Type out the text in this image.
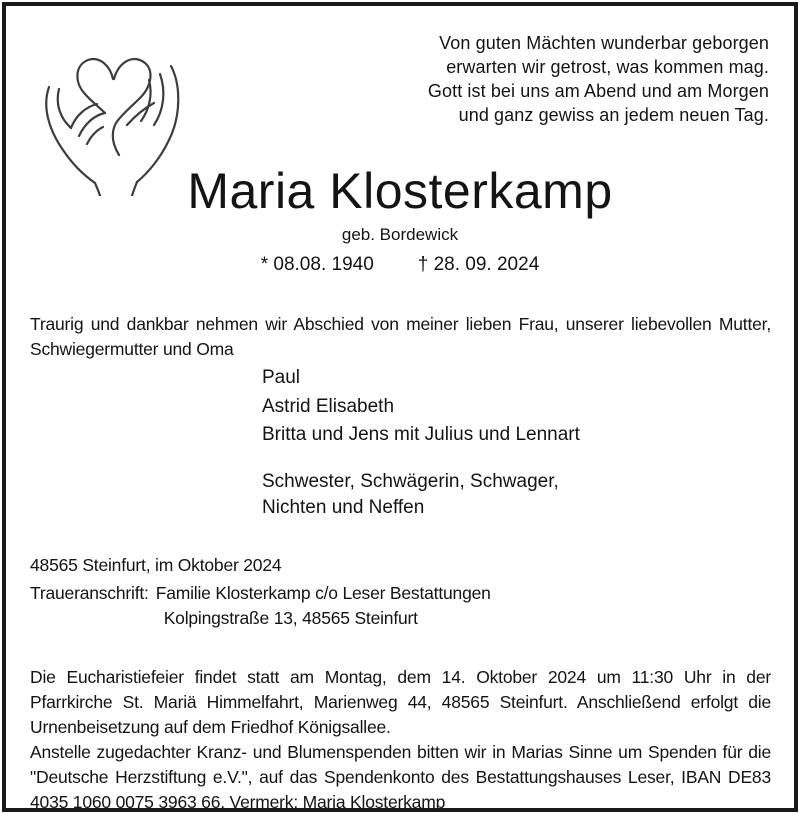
Von guten Mächten wunderbar geborgen
erwarten wir getrost, was kommen mag.
Gott ist bei uns am Abend und am Morgen
und ganz gewiss an jedem neuen Tag.
Maria Klosterkamp
geb. Bordewick
* 08.08. 1940 † 28. 09. 2024

Traurig und dankbar nehmen wir Abschied von meiner lieben Frau, unserer liebevollen Mutter, Schwiegermutter und Oma

Paul
Astrid Elisabeth
Britta und Jens mit Julius und Lennart
Schwester, Schwägerin, Schwager,
Nichten und Neffen
48565 Steinfurt, im Oktober 2024
Traueranschrift: Familie Klosterkamp c/o Leser Bestattungen
Kolpingstraße 13, 48565 Steinfurt

Die Eucharistiefeier findet statt am Montag, dem 14. Oktober 2024 um 11:30 Uhr in der Pfarrkirche St. Mariä Himmelfahrt, Marienweg 44, 48565 Steinfurt. Anschließend erfolgt die Urnenbeisetzung auf dem Friedhof Königsallee.

Anstelle zugedachter Kranz- und Blumenspenden bitten wir in Marias Sinne um Spenden für die "Deutsche Herzstiftung e.V.", auf das Spendenkonto des Bestattungshauses Leser, IBAN DE83 4035 1060 0075 3963 66, Vermerk: Maria Klosterkamp
